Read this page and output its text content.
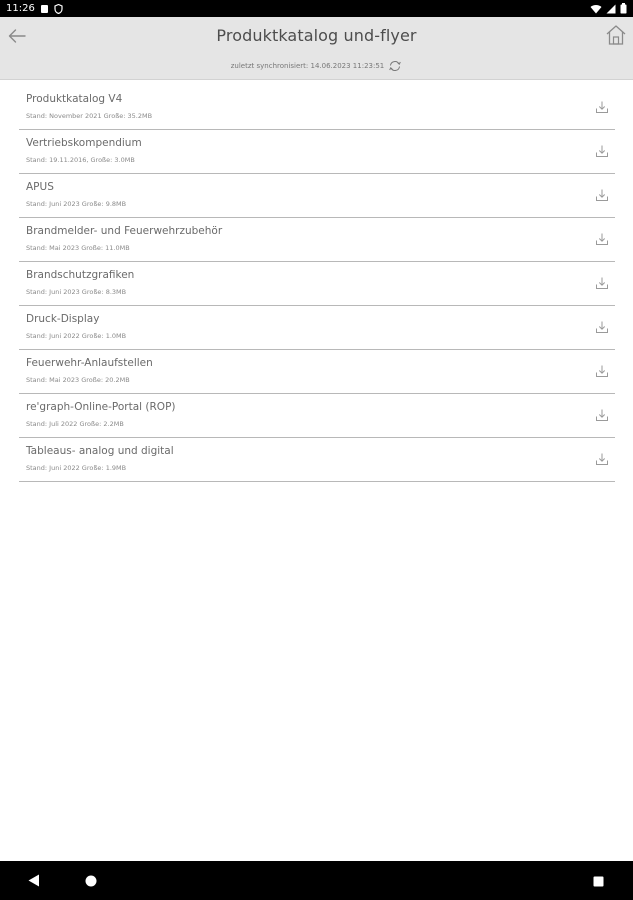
11:26
Produktkatalog und-flyer
zuletzt synchronisiert: 14.06.2023 11:23:51
Produktkatalog V4
Stand: November 2021 Große: 35.2MB
Vertriebskompendium
Stand: 19.11.2016, Große: 3.0MB
APUS
Stand: Juni 2023 Große: 9.8MB
Brandmelder- und Feuerwehrzubehör
Stand: Mai 2023 Große: 11.0MB
Brandschutzgrafiken
Stand: Juni 2023 Große: 8.3MB
Druck-Display
Stand: Juni 2022 Große: 1.0MB
Feuerwehr-Anlaufstellen
Stand: Mai 2023 Große: 20.2MB
re'graph-Online-Portal (ROP)
Stand: Juli 2022 Große: 2.2MB
Tableaus- analog und digital
Stand: Juni 2022 Große: 1.9MB
